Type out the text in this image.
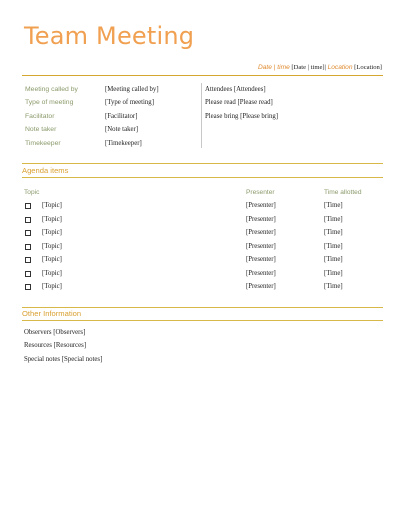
Team Meeting
Date | time [Date | time]| Location [Location]
Meeting called by	[Meeting called by]
Type of meeting	[Type of meeting]
Facilitator	[Facilitator]
Note taker	[Note taker]
Timekeeper	[Timekeeper]
Attendees [Attendees]
Please read [Please read]
Please bring [Please bring]
Agenda items
Topic	Presenter	Time allotted
[Topic]	[Presenter]	[Time]
[Topic]	[Presenter]	[Time]
[Topic]	[Presenter]	[Time]
[Topic]	[Presenter]	[Time]
[Topic]	[Presenter]	[Time]
[Topic]	[Presenter]	[Time]
[Topic]	[Presenter]	[Time]
Other Information
Observers [Observers]
Resources [Resources]
Special notes [Special notes]
